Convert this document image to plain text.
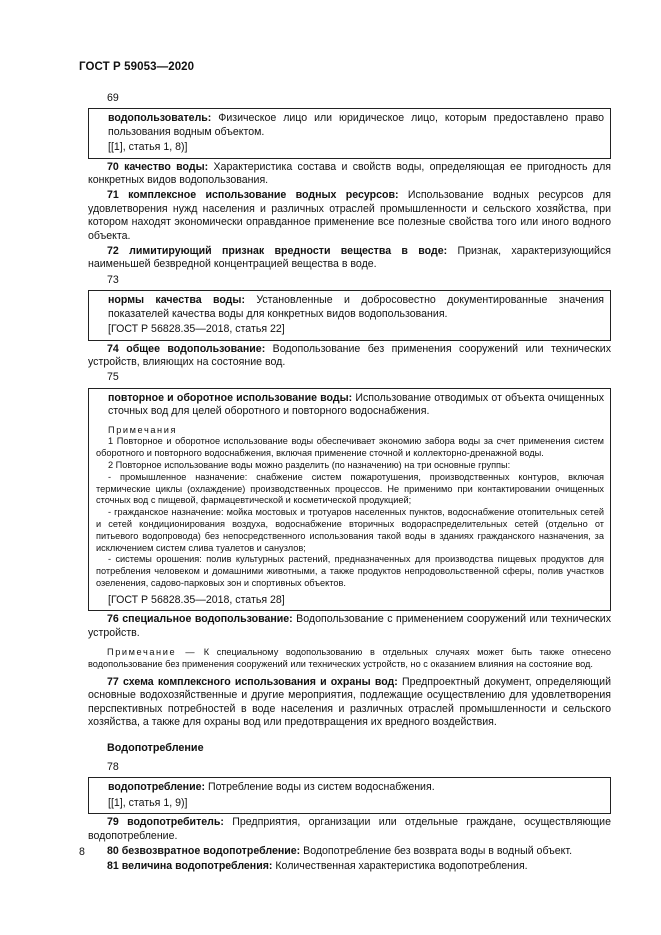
ГОСТ Р 59053—2020
69

водопользователь: Физическое лицо или юридическое лицо, которым предоставлено право пользования водным объектом.

[[1], статья 1, 8)]

70 качество воды: Характеристика состава и свойств воды, определяющая ее пригодность для конкретных видов водопользования.

71 комплексное использование водных ресурсов: Использование водных ресурсов для удовлетворения нужд населения и различных отраслей промышленности и сельского хозяйства, при котором находят экономически оправданное применение все полезные свойства того или иного водного объекта.

72 лимитирующий признак вредности вещества в воде: Признак, характеризующийся наименьшей безвредной концентрацией вещества в воде.

73

нормы качества воды: Установленные и добросовестно документированные значения показателей качества воды для конкретных видов водопользования.

[ГОСТ Р 56828.35—2018, статья 22]

74 общее водопользование: Водопользование без применения сооружений или технических устройств, влияющих на состояние вод.

75

повторное и оборотное использование воды: Использование отводимых от объекта очищенных сточных вод для целей оборотного и повторного водоснабжения.

Примечания

1 Повторное и оборотное использование воды обеспечивает экономию забора воды за счет применения систем оборотного и повторного водоснабжения, включая применение сточной и коллекторно-дренажной воды.

2 Повторное использование воды можно разделить (по назначению) на три основные группы:

- промышленное назначение: снабжение систем пожаротушения, производственных контуров, включая термические циклы (охлаждение) производственных процессов. Не применимо при контактировании очищенных сточных вод с пищевой, фармацевтической и косметической продукцией;

- гражданское назначение: мойка мостовых и тротуаров населенных пунктов, водоснабжение отопительных сетей и сетей кондиционирования воздуха, водоснабжение вторичных водораспределительных сетей (отдельно от питьевого водопровода) без непосредственного использования такой воды в зданиях гражданского назначения, за исключением систем слива туалетов и санузлов;

- системы орошения: полив культурных растений, предназначенных для производства пищевых продуктов для потребления человеком и домашними животными, а также продуктов непродовольственной сферы, полив участков озеленения, садово-парковых зон и спортивных объектов.

[ГОСТ Р 56828.35—2018, статья 28]

76 специальное водопользование: Водопользование с применением сооружений или технических устройств.

Примечание — К специальному водопользованию в отдельных случаях может быть также отнесено водопользование без применения сооружений или технических устройств, но с оказанием влияния на состояние вод.

77 схема комплексного использования и охраны вод: Предпроектный документ, определяющий основные водохозяйственные и другие мероприятия, подлежащие осуществлению для удовлетворения перспективных потребностей в воде населения и различных отраслей промышленности и сельского хозяйства, а также для охраны вод или предотвращения их вредного воздействия.

Водопотребление
78

водопотребление: Потребление воды из систем водоснабжения.

[[1], статья 1, 9)]

79 водопотребитель: Предприятия, организации или отдельные граждане, осуществляющие водопотребление.

80 безвозвратное водопотребление: Водопотребление без возврата воды в водный объект.

81 величина водопотребления: Количественная характеристика водопотребления.

8
